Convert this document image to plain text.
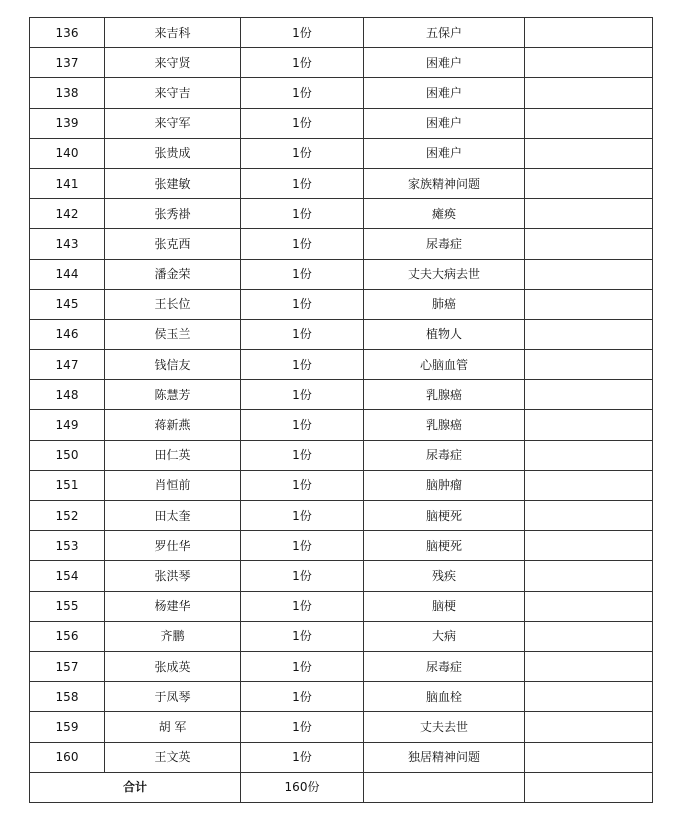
136	来吉科	1份	五保户	
137	来守贤	1份	困难户	
138	来守吉	1份	困难户	
139	来守军	1份	困难户	
140	张贵成	1份	困难户	
141	张建敏	1份	家族精神问题	
142	张秀褂	1份	瘫痪	
143	张克西	1份	尿毒症	
144	潘金荣	1份	丈夫大病去世	
145	王长位	1份	肺癌	
146	侯玉兰	1份	植物人	
147	钱信友	1份	心脑血管	
148	陈慧芳	1份	乳腺癌	
149	蒋新燕	1份	乳腺癌	
150	田仁英	1份	尿毒症	
151	肖恒前	1份	脑肿瘤	
152	田太奎	1份	脑梗死	
153	罗仕华	1份	脑梗死	
154	张洪琴	1份	残疾	
155	杨建华	1份	脑梗	
156	齐鹏	1份	大病	
157	张成英	1份	尿毒症	
158	于凤琴	1份	脑血栓	
159	胡 军	1份	丈夫去世	
160	王文英	1份	独居精神问题	
合计		160份		
